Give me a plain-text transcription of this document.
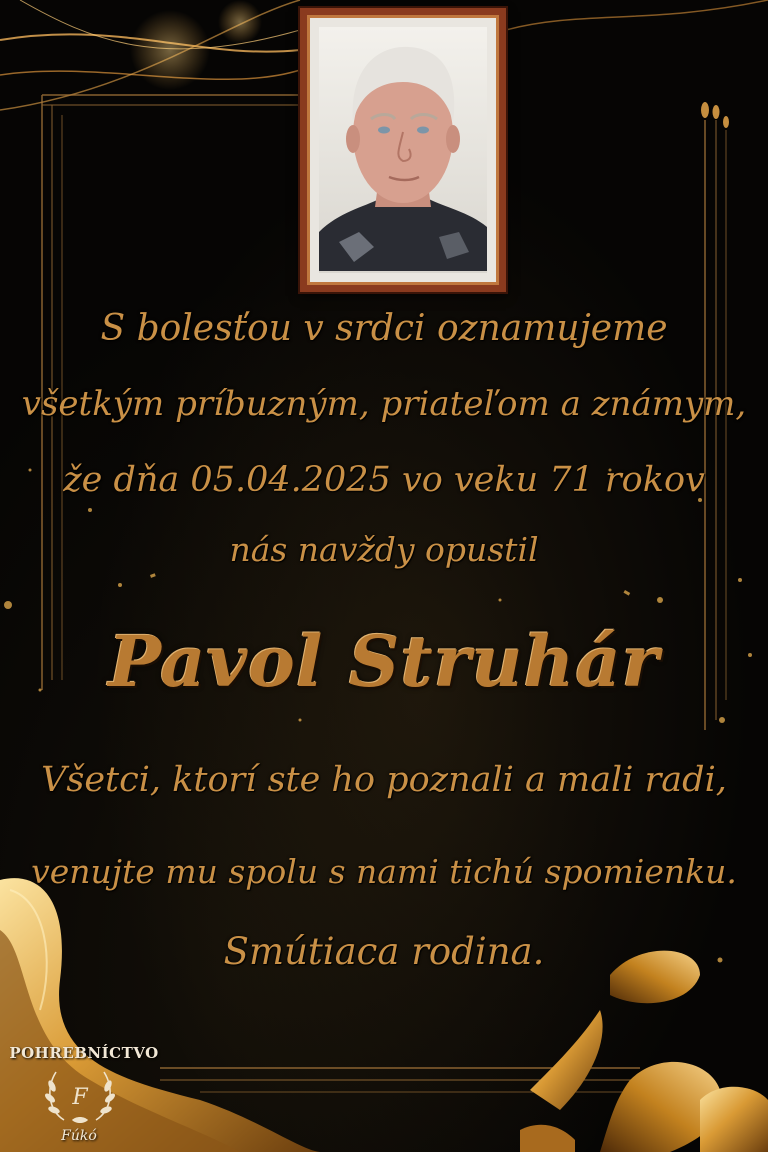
S bolesťou v srdci oznamujeme
všetkým príbuzným, priateľom a známym,
že dňa 05.04.2025 vo veku 71 rokov
nás navždy opustil
Pavol Struhár
Všetci, ktorí ste ho poznali a mali radi,
venujte mu spolu s nami tichú spomienku.
Smútiaca rodina.
POHREBNÍCTVO
F
Fúkó
